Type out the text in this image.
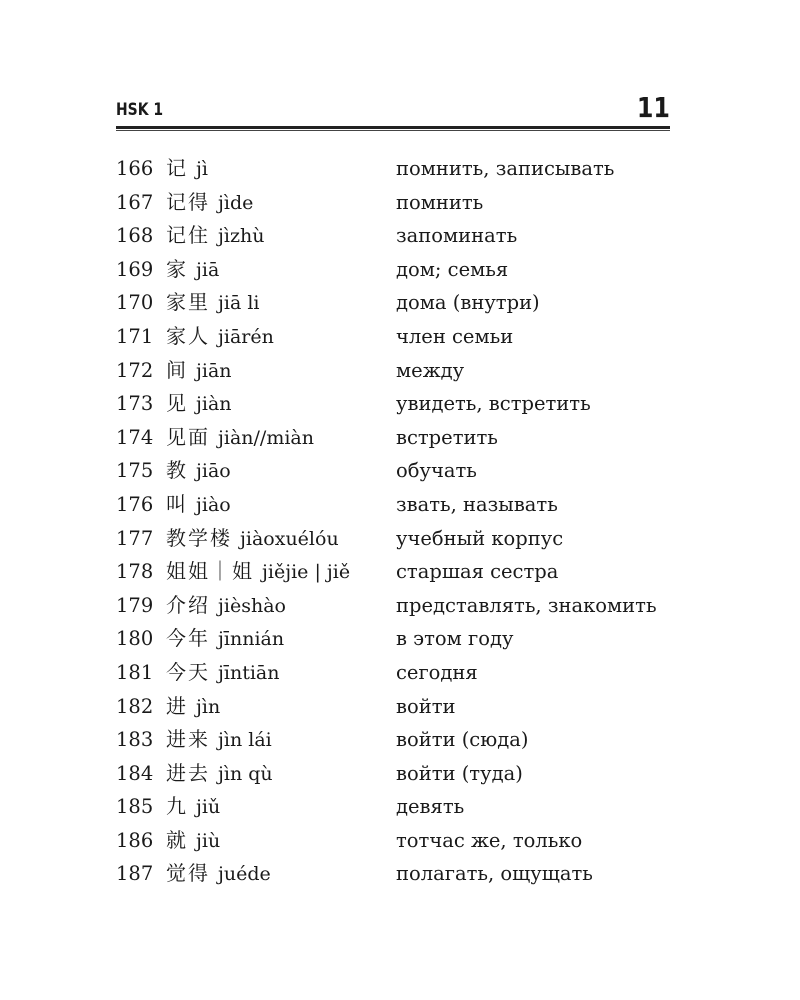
HSK 1	11
166 记 jì	помнить, записывать
167 记得 jìde	помнить
168 记住 jìzhù	запоминать
169 家 jiā	дом; семья
170 家里 jiā li	дома (внутри)
171 家人 jiārén	член семьи
172 间 jiān	между
173 见 jiàn	увидеть, встретить
174 见面 jiàn//miàn	встретить
175 教 jiāo	обучать
176 叫 jiào	звать, называть
177 教学楼 jiàoxuélóu	учебный корпус
178 姐姐｜姐 jiějie | jiě старшая сестра
179 介绍 jièshào	представлять, знакомить
180 今年 jīnnián	в этом году
181 今天 jīntiān	сегодня
182 进 jìn	войти
183 进来 jìn lái	войти (сюда)
184 进去 jìn qù	войти (туда)
185 九 jiǔ	девять
186 就 jiù	тотчас же, только
187 觉得 juéde	полагать, ощущать
